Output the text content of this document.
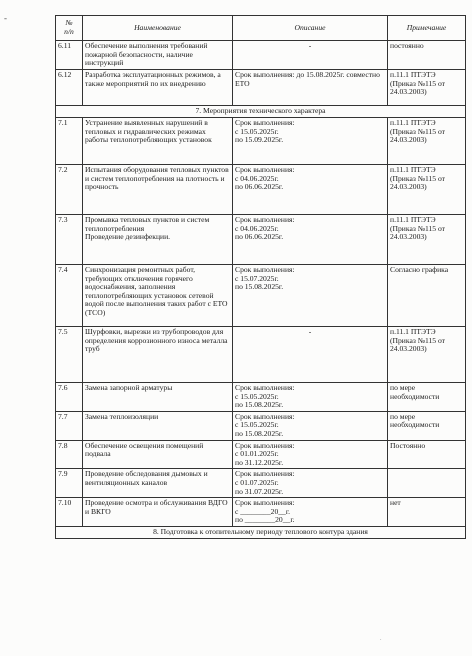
-	№
п/п	Наименование	Описание	Примечание
6.11	Обеспечение выполнения требований пожарной безопасности, наличие инструкций	-	постоянно
6.12	Разработка эксплуатационных режимов, а также мероприятий по их внедрению	Срок выполнения: до 15.08.2025г. совместно ЕТО	п.11.1 ПТЭТЭ (Приказ №115 от 24.03.2003)
7. Мероприятия технического характера			
7.1	Устранение выявленных нарушений в тепловых и гидравлических режимах работы теплопотребляющих установок	Срок выполнения:
с 15.05.2025г.
по 15.09.2025г.	п.11.1 ПТЭТЭ (Приказ №115 от 24.03.2003)
7.2	Испытания оборудования тепловых пунктов и систем теплопотребления на плотность и прочность	Срок выполнения:
с 04.06.2025г.
по 06.06.2025г.	п.11.1 ПТЭТЭ (Приказ №115 от 24.03.2003)
7.3	Промывка тепловых пунктов и систем теплопотребления
Проведение дезинфекции.	Срок выполнения:
с 04.06.2025г.
по 06.06.2025г.	п.11.1 ПТЭТЭ (Приказ №115 от 24.03.2003)
7.4	Синхронизация ремонтных работ, требующих отключения горячего водоснабжения, заполнения теплопотребляющих установок сетевой водой после выполнения таких работ с ЕТО (ТСО)	Срок выполнения:
с 15.07.2025г.
по 15.08.2025г.	Согласно графика
7.5	Шурфовки, вырезки из трубопроводов для определения коррозионного износа металла труб	-	п.11.1 ПТЭТЭ (Приказ №115 от 24.03.2003)
7.6	Замена запорной арматуры	Срок выполнения:
с 15.05.2025г.
по 15.08.2025г.	по мере необходимости
7.7	Замена теплоизоляции	Срок выполнения:
с 15.05.2025г.
по 15.08.2025г.	по мере необходимости
7.8	Обеспечение освещения помещений подвала	Срок выполнения:
с 01.01.2025г.
по 31.12.2025г.	Постоянно
7.9	Проведение обследования дымовых и вентиляционных каналов	Срок выполнения:
с 01.07.2025г.
по 31.07.2025г.	
7.10	Проведение осмотра и обслуживания ВДГО и ВКГО	Срок выполнения:
с ________20__г.
по ________20__г.	нет
8. Подготовка к отопительному периоду теплового контура здания			
.
